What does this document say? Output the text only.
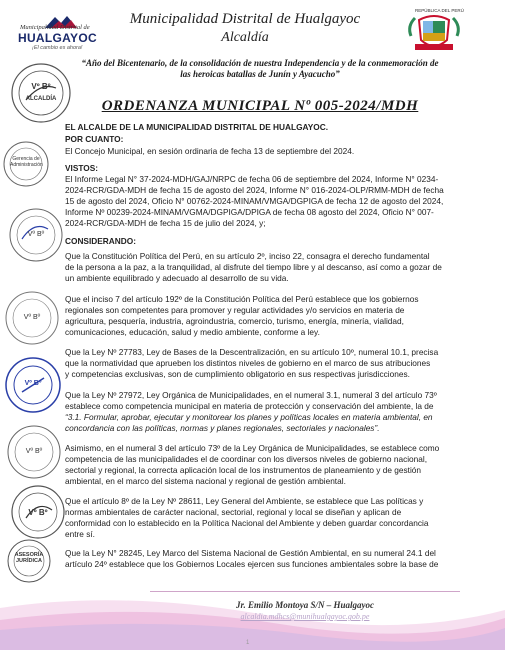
Municipalidad Distrital de
HUALGAYOC
¡El cambio es ahora!
Municipalidad Distrital de Hualgayoc
Alcaldía
REPÚBLICA DEL PERÚ
“Año del Bicentenario, de la consolidación de nuestra Independencia y de la conmemoración de
las heroicas batallas de Junín y Ayacucho”
ORDENANZA MUNICIPAL Nº 005-2024/MDH
Vº Bº
ALCALDÍA
Gerencia de Administración
Vº Bº
Vº Bº
Vº Bº
Vº Bº
Vº Bº
ASESORÍA JURÍDICA
EL ALCALDE DE LA MUNICIPALIDAD DISTRITAL DE HUALGAYOC.
POR CUANTO:
El Concejo Municipal, en sesión ordinaria de fecha 13 de septiembre del 2024.
VISTOS:
El Informe Legal N° 37-2024-MDH/GAJ/NRPC de fecha 06 de septiembre del 2024, Informe N° 0234-
2024-RCR/GDA-MDH de fecha 15 de agosto del 2024, Informe N° 016-2024-OLP/RMM-MDH de fecha
15 de agosto del 2024, Oficio N° 00762-2024-MINAM/VMGA/DGPIGA de fecha 12 de agosto del 2024,
Informe Nº 00239-2024-MINAM/VGMA/DGPIGA/DPIGA de fecha 08 agosto del 2024, Oficio N° 007-
2024-RCR/GDA-MDH de fecha 15 de julio del 2024, y;
CONSIDERANDO:
Que la Constitución Política del Perú, en su artículo 2º, inciso 22, consagra el derecho fundamental
de la persona a la paz, a la tranquilidad, al disfrute del tiempo libre y al descanso, así como a gozar de
un ambiente equilibrado y adecuado al desarrollo de su vida.
Que el inciso 7 del artículo 192º de la Constitución Política del Perú establece que los gobiernos
regionales son competentes para promover y regular actividades y/o servicios en materia de
agricultura, pesquería, industria, agroindustria, comercio, turismo, energía, minería, vialidad,
comunicaciones, educación, salud y medio ambiente, conforme a ley.
Que la Ley Nº 27783, Ley de Bases de la Descentralización, en su artículo 10º, numeral 10.1, precisa
que la normatividad que aprueben los distintos niveles de gobierno en el marco de sus atribuciones
y competencias exclusivas, son de cumplimiento obligatorio en sus respectivas jurisdicciones.
Que la Ley Nº 27972, Ley Orgánica de Municipalidades, en el numeral 3.1, numeral 3 del artículo 73º
establece como competencia municipal en materia de protección y conservación del ambiente, la de
“3.1. Formular, aprobar, ejecutar y monitorear los planes y políticas locales en materia ambiental, en
concordancia con las políticas, normas y planes regionales, sectoriales y nacionales”.
Asimismo, en el numeral 3 del artículo 73º de la Ley Orgánica de Municipalidades, se establece como
competencia de las municipalidades el de coordinar con los diversos niveles de gobierno nacional,
sectorial y regional, la correcta aplicación local de los instrumentos de planeamiento y de gestión
ambiental, en el marco del sistema nacional y regional de gestión ambiental.
Que el artículo 8º de la Ley Nº 28611, Ley General del Ambiente, se establece que Las políticas y
normas ambientales de carácter nacional, sectorial, regional y local se diseñan y aplican de
conformidad con lo establecido en la Política Nacional del Ambiente y deben guardar concordancia
entre sí.
Que la Ley N° 28245, Ley Marco del Sistema Nacional de Gestión Ambiental, en su numeral 24.1 del
artículo 24º establece que los Gobiernos Locales ejercen sus funciones ambientales sobre la base de
Jr. Emilio Montoya S/N – Hualgayoc
alcaldia.mdhcs@munihualgayoc.gob.pe
1
